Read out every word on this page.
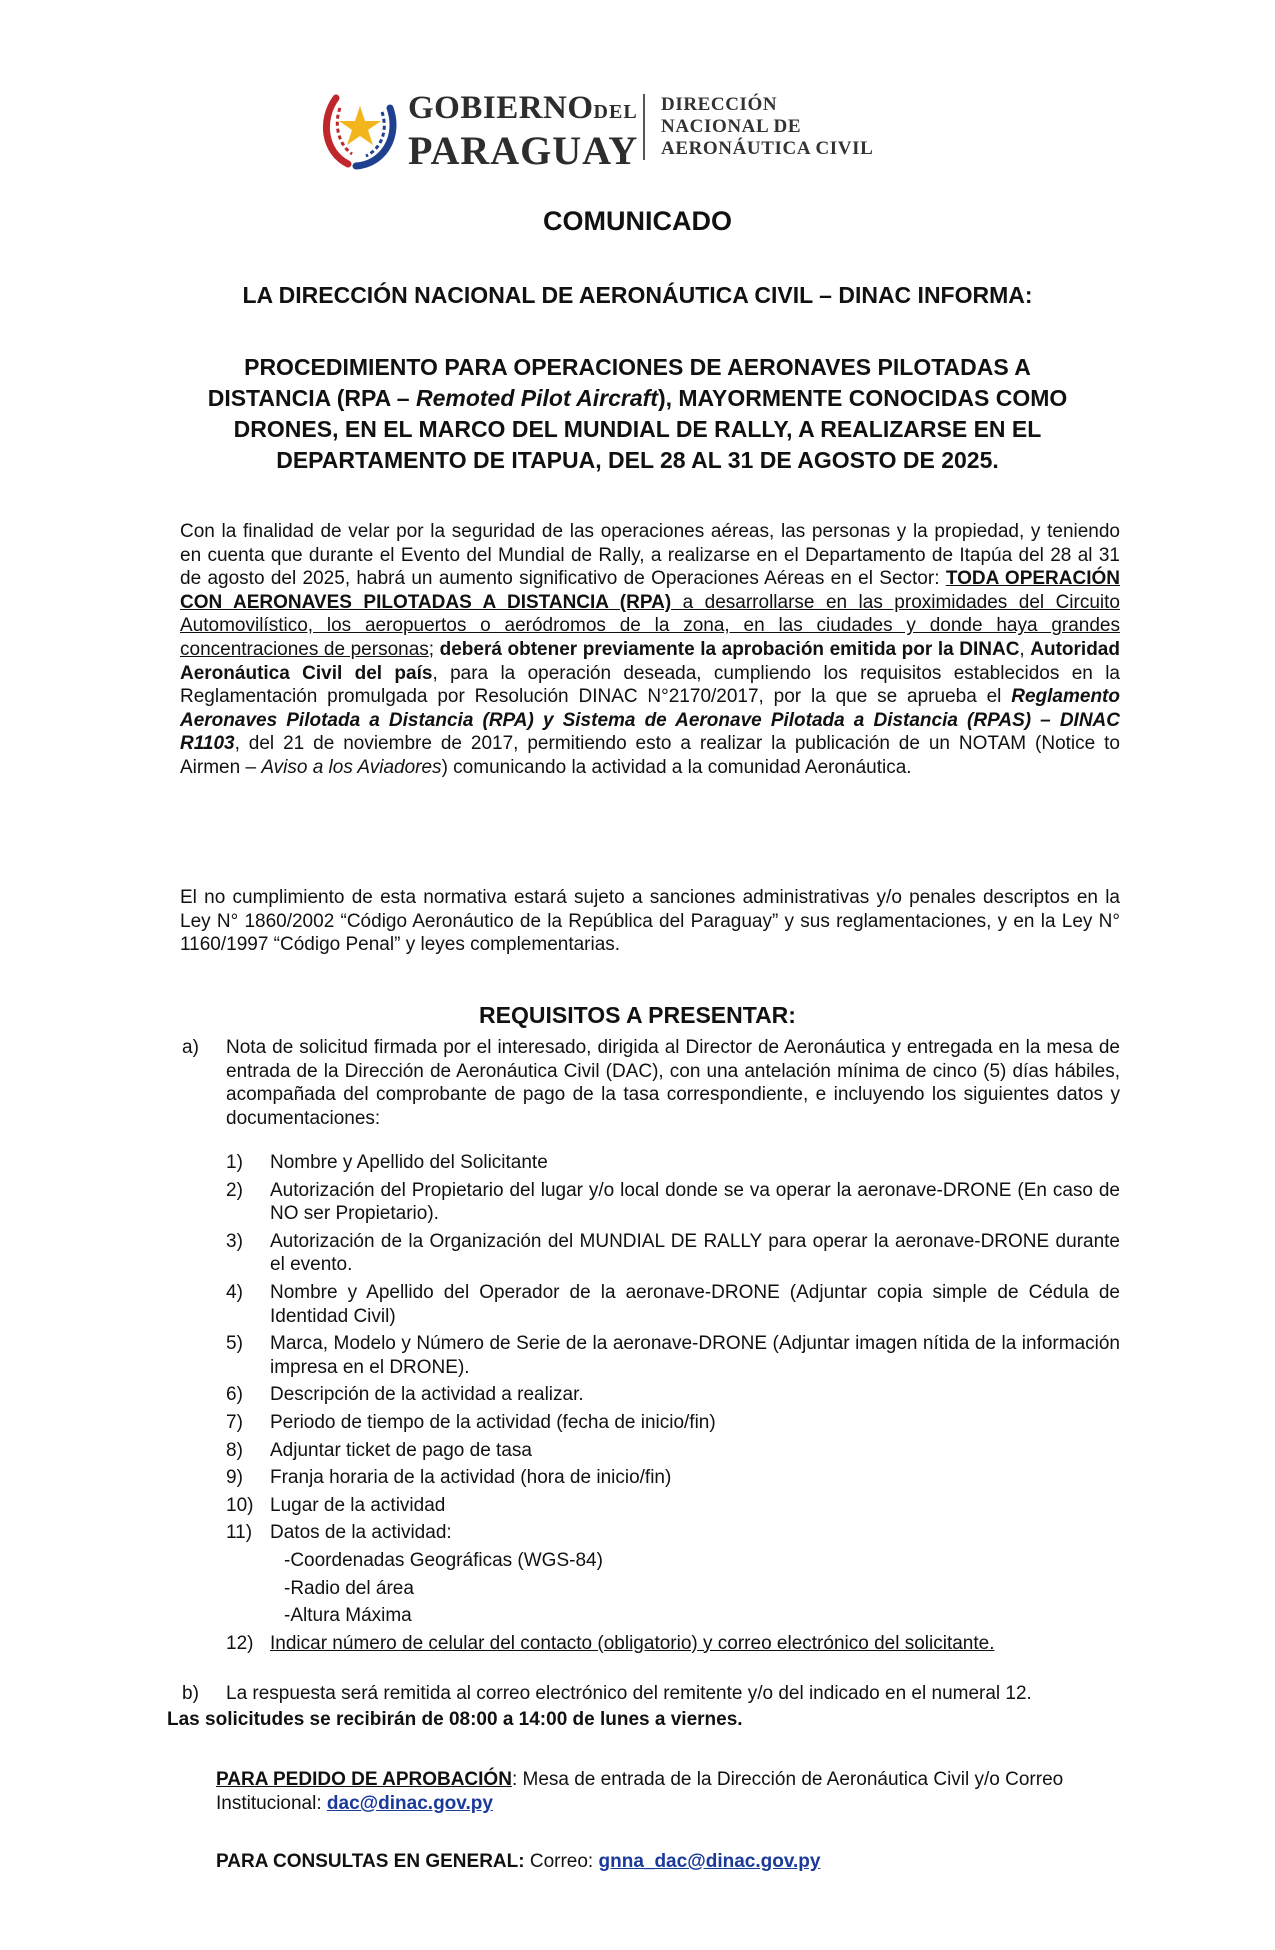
GOBIERNODEL
PARAGUAY
DIRECCIÓN
NACIONAL DE
AERONÁUTICA CIVIL
COMUNICADO
LA DIRECCIÓN NACIONAL DE AERONÁUTICA CIVIL – DINAC INFORMA:
PROCEDIMIENTO PARA OPERACIONES DE AERONAVES PILOTADAS A DISTANCIA (RPA – Remoted Pilot Aircraft), MAYORMENTE CONOCIDAS COMO DRONES, EN EL MARCO DEL MUNDIAL DE RALLY, A REALIZARSE EN EL DEPARTAMENTO DE ITAPUA, DEL 28 AL 31 DE AGOSTO DE 2025.
Con la finalidad de velar por la seguridad de las operaciones aéreas, las personas y la propiedad, y teniendo en cuenta que durante el Evento del Mundial de Rally, a realizarse en el Departamento de Itapúa del 28 al 31 de agosto del 2025, habrá un aumento significativo de Operaciones Aéreas en el Sector: TODA OPERACIÓN CON AERONAVES PILOTADAS A DISTANCIA (RPA) a desarrollarse en las proximidades del Circuito Automovilístico, los aeropuertos o aeródromos de la zona, en las ciudades y donde haya grandes concentraciones de personas; deberá obtener previamente la aprobación emitida por la DINAC, Autoridad Aeronáutica Civil del país, para la operación deseada, cumpliendo los requisitos establecidos en la Reglamentación promulgada por Resolución DINAC N°2170/2017, por la que se aprueba el Reglamento Aeronaves Pilotada a Distancia (RPA) y Sistema de Aeronave Pilotada a Distancia (RPAS) – DINAC R1103, del 21 de noviembre de 2017, permitiendo esto a realizar la publicación de un NOTAM (Notice to Airmen – Aviso a los Aviadores) comunicando la actividad a la comunidad Aeronáutica.
El no cumplimiento de esta normativa estará sujeto a sanciones administrativas y/o penales descriptos en la Ley N° 1860/2002 “Código Aeronáutico de la República del Paraguay” y sus reglamentaciones, y en la Ley N° 1160/1997 “Código Penal” y leyes complementarias.
REQUISITOS A PRESENTAR:
a) Nota de solicitud firmada por el interesado, dirigida al Director de Aeronáutica y entregada en la mesa de entrada de la Dirección de Aeronáutica Civil (DAC), con una antelación mínima de cinco (5) días hábiles, acompañada del comprobante de pago de la tasa correspondiente, e incluyendo los siguientes datos y documentaciones:
1) Nombre y Apellido del Solicitante
2) Autorización del Propietario del lugar y/o local donde se va operar la aeronave-DRONE (En caso de NO ser Propietario).
3) Autorización de la Organización del MUNDIAL DE RALLY para operar la aeronave-DRONE durante el evento.
4) Nombre y Apellido del Operador de la aeronave-DRONE (Adjuntar copia simple de Cédula de Identidad Civil)
5) Marca, Modelo y Número de Serie de la aeronave-DRONE (Adjuntar imagen nítida de la información impresa en el DRONE).
6) Descripción de la actividad a realizar.
7) Periodo de tiempo de la actividad (fecha de inicio/fin)
8) Adjuntar ticket de pago de tasa
9) Franja horaria de la actividad (hora de inicio/fin)
10) Lugar de la actividad
11) Datos de la actividad:
-Coordenadas Geográficas (WGS-84)
-Radio del área
-Altura Máxima
12) Indicar número de celular del contacto (obligatorio) y correo electrónico del solicitante.
b) La respuesta será remitida al correo electrónico del remitente y/o del indicado en el numeral 12.
Las solicitudes se recibirán de 08:00 a 14:00 de lunes a viernes.
PARA PEDIDO DE APROBACIÓN: Mesa de entrada de la Dirección de Aeronáutica Civil y/o Correo Institucional: dac@dinac.gov.py
PARA CONSULTAS EN GENERAL: Correo: gnna_dac@dinac.gov.py
